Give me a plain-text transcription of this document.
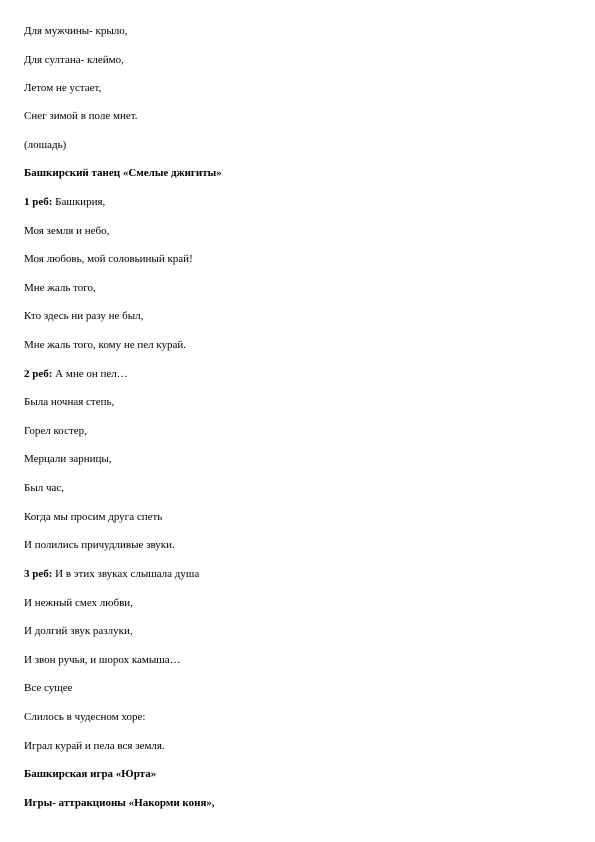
Для мужчины- крыло,
Для султана- клеймо,
Летом не устает,
Снег зимой в поле мнет.
(лошадь)
Башкирский танец «Смелые джигиты»
1 реб: Башкирия,
Моя земля и небо,
Моя любовь, мой соловьиный край!
Мне жаль того,
Кто здесь ни разу не был,
Мне жаль того, кому не пел курай.
2 реб: А мне он пел…
Была ночная степь,
Горел костер,
Мерцали зарницы,
Был час,
Когда мы просим друга спеть
И полились причудливые звуки.
3 реб: И в этих звуках слышала душа
И нежный смех любви,
И долгий звук разлуки,
И звон ручья, и шорох камыша…
Все сущее
Слилось в чудесном хоре:
Играл курай и пела вся земля.
Башкирская игра «Юрта»
Игры- аттракционы «Накорми коня»,
